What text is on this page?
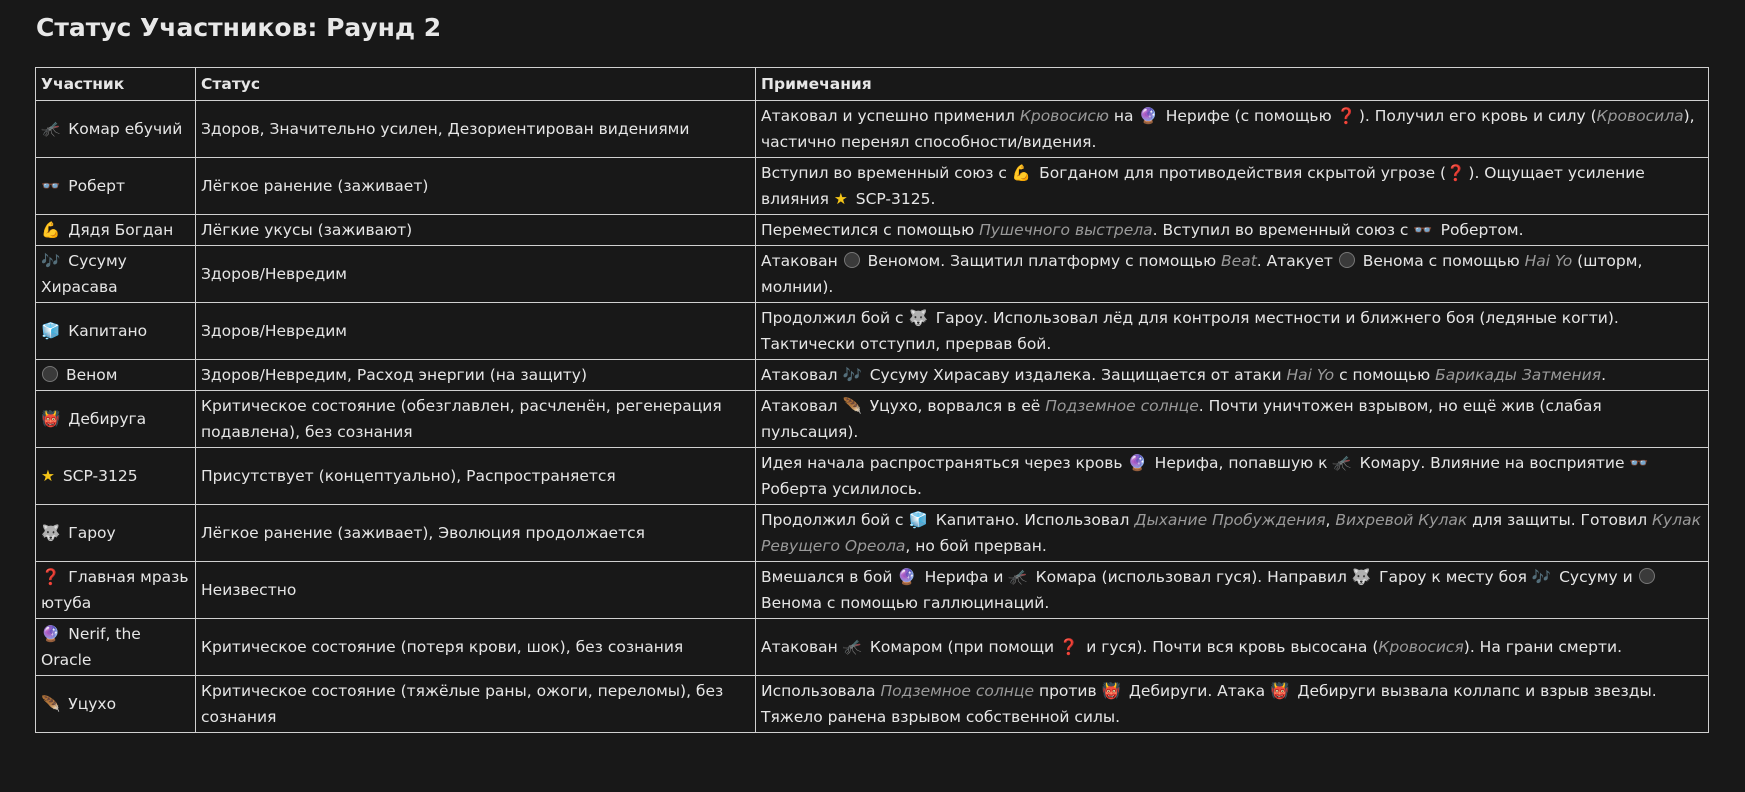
Статус Участников: Раунд 2
Участник	Статус	Примечания
🦟 Комар ебучий	Здоров, Значительно усилен, Дезориентирован видениями	Атаковал и успешно применил Кровосисю на 🔮 Нерифе (с помощью ❓ ). Получил его кровь и силу (Кровосила), частично перенял способности/видения.
👓 Роберт	Лёгкое ранение (заживает)	Вступил во временный союз с 💪 Богданом для противодействия скрытой угрозе (❓ ). Ощущает усиление влияния ★ SCP-3125.
💪 Дядя Богдан	Лёгкие укусы (заживают)	Переместился с помощью Пушечного выстрела. Вступил во временный союз с 👓 Робертом.
🎶 Сусуму Хирасава	Здоров/Невредим	Атакован  Веномом. Защитил платформу с помощью Beat. Атакует  Венома с помощью Hai Yo (шторм, молнии).
🧊 Капитано	Здоров/Невредим	Продолжил бой с 🐺 Гароу. Использовал лёд для контроля местности и ближнего боя (ледяные когти). Тактически отступил, прервав бой.
Веном	Здоров/Невредим, Расход энергии (на защиту)	Атаковал 🎶 Сусуму Хирасаву издалека. Защищается от атаки Hai Yo с помощью Барикады Затмения.
👹 Дебируга	Критическое состояние (обезглавлен, расчленён, регенерация подавлена), без сознания	Атаковал 🪶 Уцухо, ворвался в её Подземное солнце. Почти уничтожен взрывом, но ещё жив (слабая пульсация).
★ SCP-3125	Присутствует (концептуально), Распространяется	Идея начала распространяться через кровь 🔮 Нерифа, попавшую к 🦟 Комару. Влияние на восприятие 👓 Роберта усилилось.
🐺 Гароу	Лёгкое ранение (заживает), Эволюция продолжается	Продолжил бой с 🧊 Капитано. Использовал Дыхание Пробуждения, Вихревой Кулак для защиты. Готовил Кулак Ревущего Ореола, но бой прерван.
❓ Главная мразь ютуба	Неизвестно	Вмешался в бой 🔮 Нерифа и 🦟 Комара (использовал гуся). Направил 🐺 Гароу к месту боя 🎶 Сусуму и  Венома с помощью галлюцинаций.
🔮 Nerif, the Oracle	Критическое состояние (потеря крови, шок), без сознания	Атакован 🦟 Комаром (при помощи ❓ и гуся). Почти вся кровь высосана (Кровосися). На грани смерти.
🪶 Уцухо	Критическое состояние (тяжёлые раны, ожоги, переломы), без сознания	Использовала Подземное солнце против 👹 Дебируги. Атака 👹 Дебируги вызвала коллапс и взрыв звезды. Тяжело ранена взрывом собственной силы.
